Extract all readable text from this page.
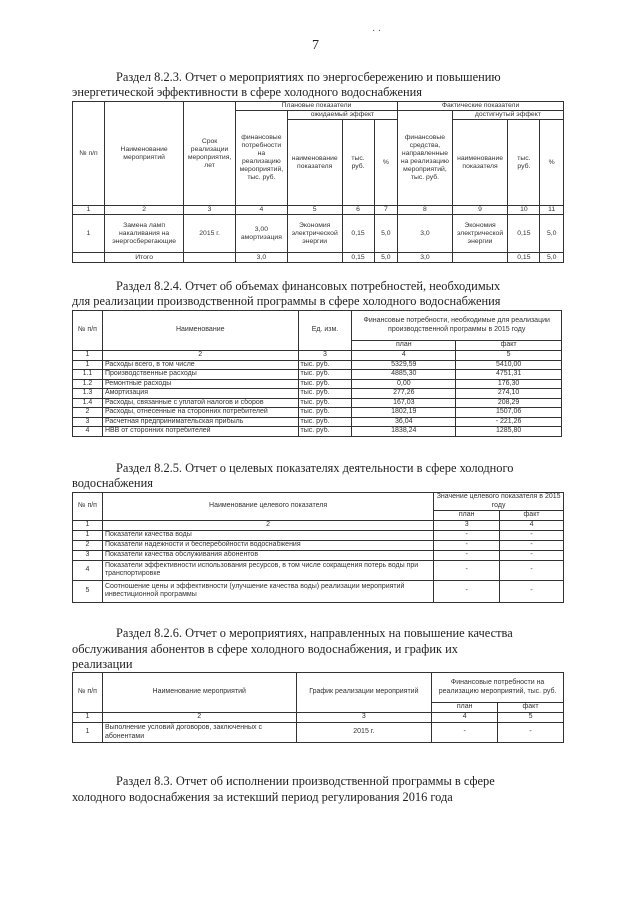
7
· ·
Раздел 8.2.3. Отчет о мероприятиях по энергосбережению и повышению
энергетической эффективности в сфере холодного водоснабжения
№ п/п	Наименование мероприятий	Срок реализации мероприятия, лет	Плановые показатели				Фактические показатели			
			финансовые потребности на реализацию мероприятий, тыс. руб.	ожидаемый эффект			финансовые средства, направленные на реализацию мероприятий, тыс. руб.	достигнутый эффект		
				наименование показателя	тыс. руб.	%		наименование показателя	тыс. руб.	%
1	2	3	4	5	6	7	8	9	10	11
1	Замена ламп накаливания на энергосберегающие	2015 г.	3,00 амортизация	Экономия электрической энергии	0,15	5,0	3,0	Экономия электрической энергии	0,15	5,0
	Итого		3,0		0,15	5,0	3,0		0,15	5,0
Раздел 8.2.4. Отчет об объемах финансовых потребностей, необходимых
для реализации производственной программы в сфере холодного водоснабжения
№ п/п	Наименование	Ед. изм.	Финансовые потребности, необходимые для реализации производственной программы в 2015 году	
			план	факт
1	2	3	4	5
1	Расходы всего, в том числе	тыс. руб.	5329,59	5410,00
1.1	Производственные расходы	тыс. руб.	4885,30	4751,31
1.2	Ремонтные расходы	тыс. руб.	0,00	176,30
1.3	Амортизация	тыс. руб.	277,26	274,10
1.4	Расходы, связанные с уплатой налогов и сборов	тыс. руб.	167,03	208,29
2	Расходы, отнесенные на сторонних потребителей	тыс. руб.	1802,19	1507,06
3	Расчетная предпринимательская прибыль	тыс. руб.	36,04	- 221,26
4	НВВ от сторонних потребителей	тыс. руб.	1838,24	1285,80
Раздел 8.2.5. Отчет о целевых показателях деятельности в сфере холодного
водоснабжения
№ п/п	Наименование целевого показателя	Значение целевого показателя в 2015 году	
		план	факт
1	2	3	4
1	Показатели качества воды	-	-
2	Показатели надежности и бесперебойности водоснабжения	-	-
3	Показатели качества обслуживания абонентов	-	-
4	Показатели эффективности использования ресурсов, в том числе сокращения потерь воды при транспортировке	-	-
5	Соотношение цены и эффективности (улучшение качества воды) реализации мероприятий инвестиционной программы	-	-
Раздел 8.2.6. Отчет о мероприятиях, направленных на повышение качества
обслуживания абонентов в сфере холодного водоснабжения, и график их
реализации
№ п/п	Наименование мероприятий	График реализации мероприятий	Финансовые потребности на реализацию мероприятий, тыс. руб.	
			план	факт
1	2	3	4	5
1	Выполнение условий договоров, заключенных с абонентами	2015 г.	-	-
Раздел 8.3. Отчет об исполнении производственной программы в сфере
холодного водоснабжения за истекший период регулирования 2016 года
